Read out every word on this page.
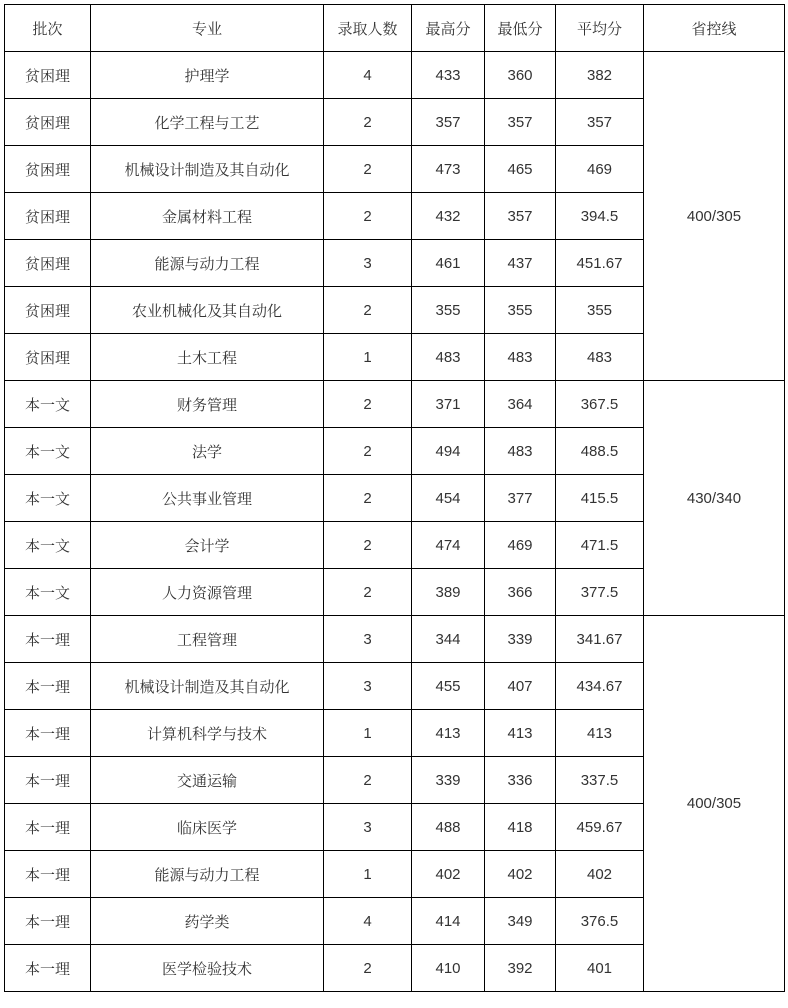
批次	专业	录取人数	最高分	最低分	平均分	省控线
贫困理	护理学	4	433	360	382	400/305
贫困理	化学工程与工艺	2	357	357	357	
贫困理	机械设计制造及其自动化	2	473	465	469	
贫困理	金属材料工程	2	432	357	394.5	
贫困理	能源与动力工程	3	461	437	451.67	
贫困理	农业机械化及其自动化	2	355	355	355	
贫困理	土木工程	1	483	483	483	
本一文	财务管理	2	371	364	367.5	430/340
本一文	法学	2	494	483	488.5	
本一文	公共事业管理	2	454	377	415.5	
本一文	会计学	2	474	469	471.5	
本一文	人力资源管理	2	389	366	377.5	
本一理	工程管理	3	344	339	341.67	400/305
本一理	机械设计制造及其自动化	3	455	407	434.67	
本一理	计算机科学与技术	1	413	413	413	
本一理	交通运输	2	339	336	337.5	
本一理	临床医学	3	488	418	459.67	
本一理	能源与动力工程	1	402	402	402	
本一理	药学类	4	414	349	376.5	
本一理	医学检验技术	2	410	392	401	
